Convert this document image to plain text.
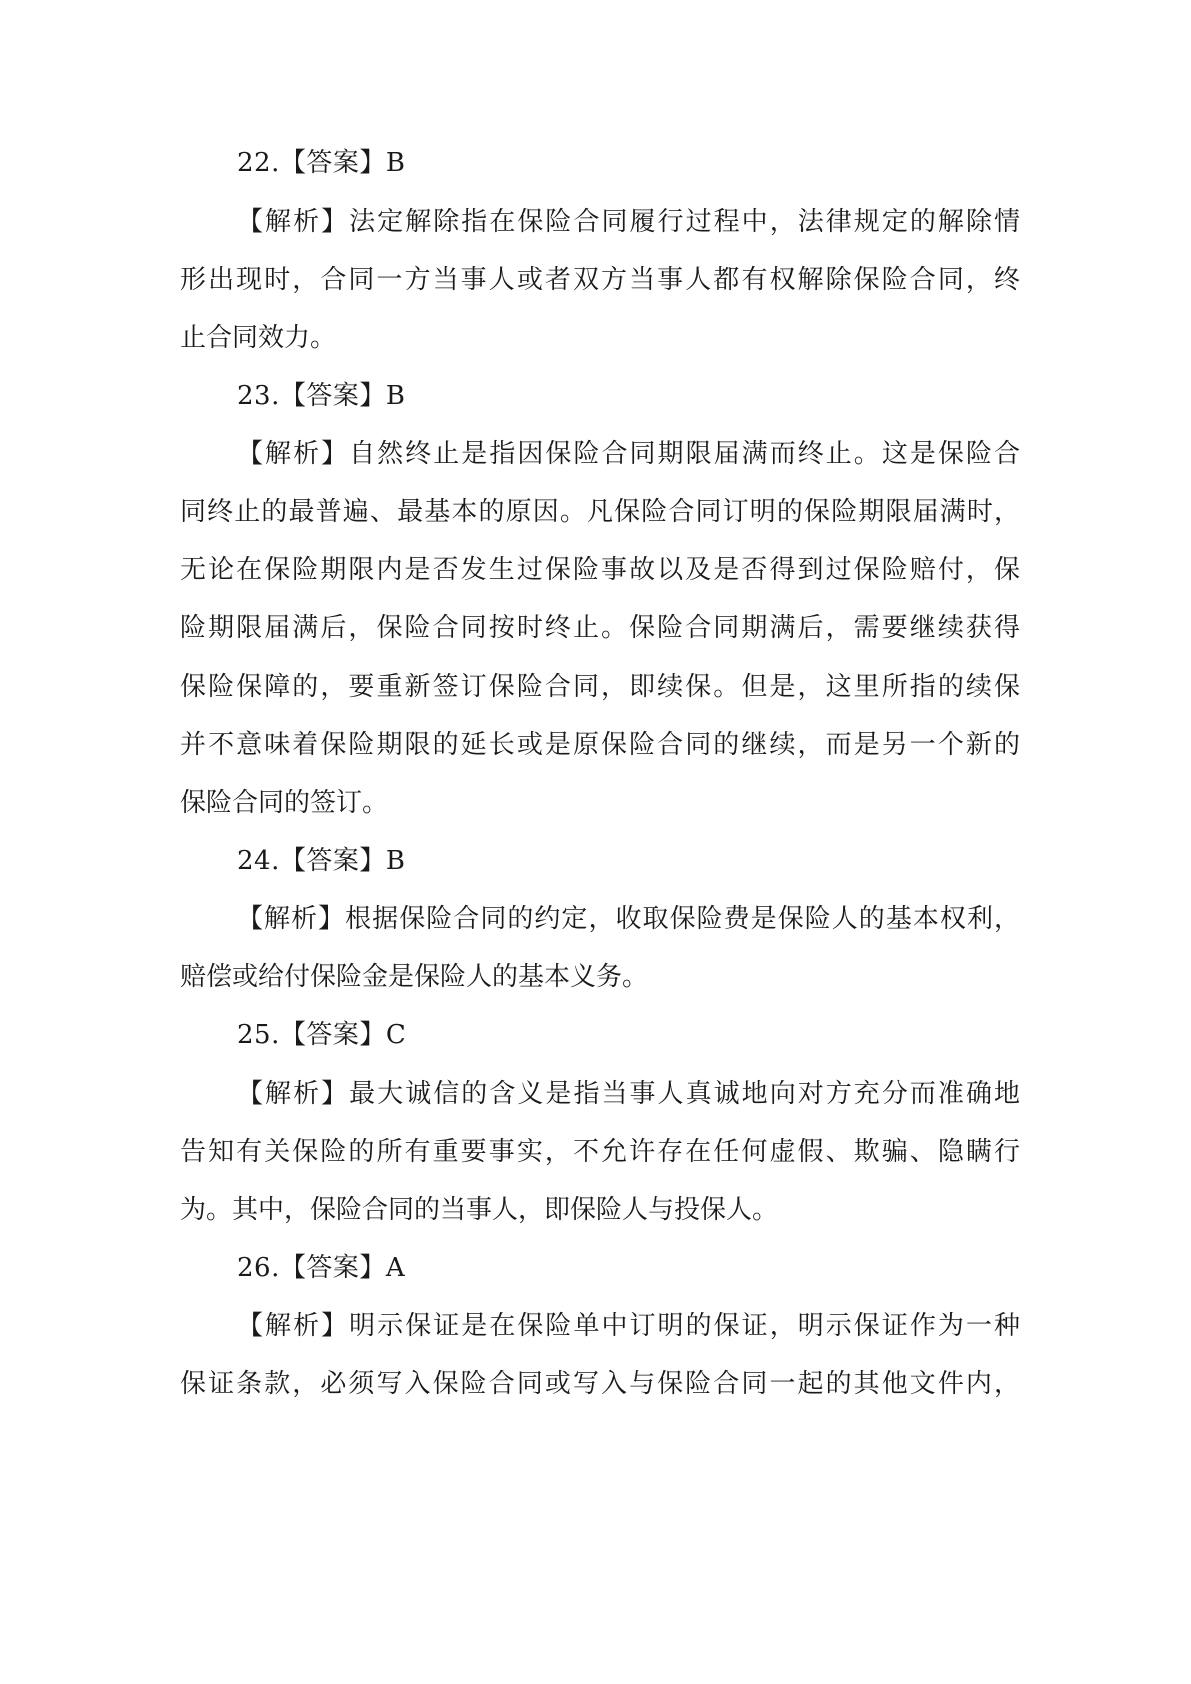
22.【答案】B
【解析】法定解除指在保险合同履行过程中，法律规定的解除情
形出现时，合同一方当事人或者双方当事人都有权解除保险合同，终
止合同效力。
23.【答案】B
【解析】自然终止是指因保险合同期限届满而终止。这是保险合
同终止的最普遍、最基本的原因。凡保险合同订明的保险期限届满时，
无论在保险期限内是否发生过保险事故以及是否得到过保险赔付，保
险期限届满后，保险合同按时终止。保险合同期满后，需要继续获得
保险保障的，要重新签订保险合同，即续保。但是，这里所指的续保
并不意味着保险期限的延长或是原保险合同的继续，而是另一个新的
保险合同的签订。
24.【答案】B
【解析】根据保险合同的约定，收取保险费是保险人的基本权利，
赔偿或给付保险金是保险人的基本义务。
25.【答案】C
【解析】最大诚信的含义是指当事人真诚地向对方充分而准确地
告知有关保险的所有重要事实，不允许存在任何虚假、欺骗、隐瞒行
为。其中，保险合同的当事人，即保险人与投保人。
26.【答案】A
【解析】明示保证是在保险单中订明的保证，明示保证作为一种
保证条款，必须写入保险合同或写入与保险合同一起的其他文件内，
